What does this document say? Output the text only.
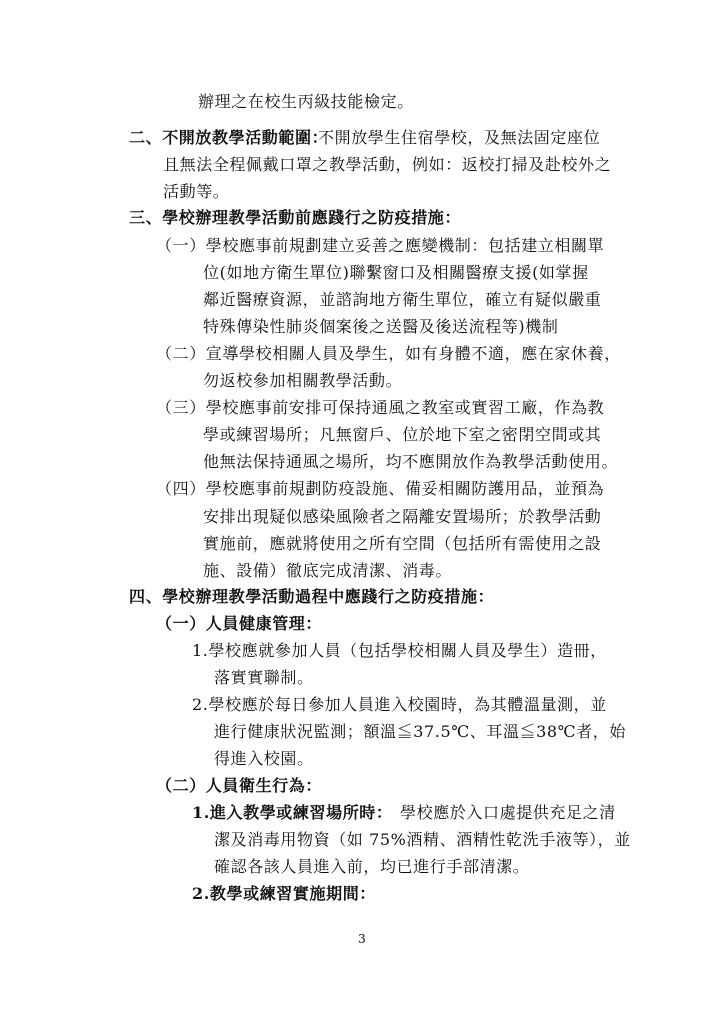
辦理之在校生丙級技能檢定。
二、不開放教學活動範圍：
不開放學生住宿學校，及無法固定座位
且無法全程佩戴口罩之教學活動，例如：返校打掃及赴校外之
活動等。
三、學校辦理教學活動前應踐行之防疫措施：
（一）學校應事前規劃建立妥善之應變機制：包括建立相關單
位(如地方衛生單位)聯繫窗口及相關醫療支援(如掌握
鄰近醫療資源，並諮詢地方衛生單位，確立有疑似嚴重
特殊傳染性肺炎個案後之送醫及後送流程等)機制
（二）宣導學校相關人員及學生，如有身體不適，應在家休養，
勿返校參加相關教學活動。
（三）學校應事前安排可保持通風之教室或實習工廠，作為教
學或練習場所；凡無窗戶、位於地下室之密閉空間或其
他無法保持通風之場所，均不應開放作為教學活動使用。
（四）學校應事前規劃防疫設施、備妥相關防護用品，並預為
安排出現疑似感染風險者之隔離安置場所；於教學活動
實施前，應就將使用之所有空間（包括所有需使用之設
施、設備）徹底完成清潔、消毒。
四、學校辦理教學活動過程中應踐行之防疫措施：
（一）人員健康管理：
1.學校應就參加人員（包括學校相關人員及學生）造冊，
落實實聯制。
2.學校應於每日參加人員進入校園時，為其體溫量測，並
進行健康狀況監測；額溫≦37.5℃、耳溫≦38℃者，始
得進入校園。
（二）人員衛生行為：
1.進入教學或練習場所時： 學校應於入口處提供充足之清
潔及消毒用物資（如 75%酒精、酒精性乾洗手液等），並
確認各該人員進入前，均已進行手部清潔。
2.教學或練習實施期間：
3
